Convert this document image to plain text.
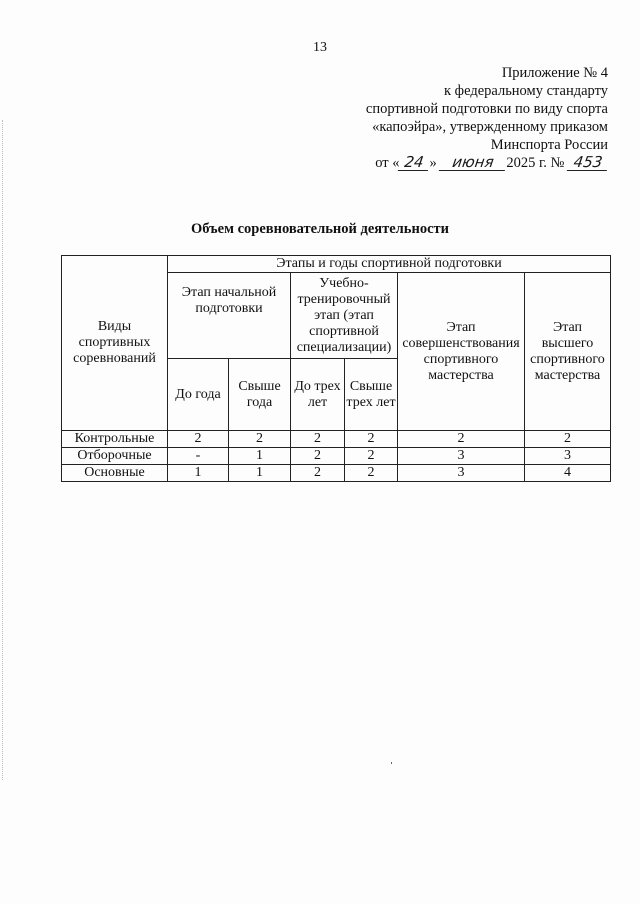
13
Приложение № 4
к федеральному стандарту
спортивной подготовки по виду спорта
«капоэйра», утвержденному приказом
Минспорта России
от « 24 » июня 2025 г. № 453
Объем соревновательной деятельности
Виды спортивных соревнований	Этапы и годы спортивной подготовки					
	Этап начальной подготовки		Учебно-тренировочный этап (этап спортивной специализации)		Этап совершенствования спортивного мастерства	Этап высшего спортивного мастерства
	До года	Свыше года	До трех лет	Свыше трех лет		
Контрольные	2	2	2	2	2	2
Отборочные	-	1	2	2	3	3
Основные	1	1	2	2	3	4
